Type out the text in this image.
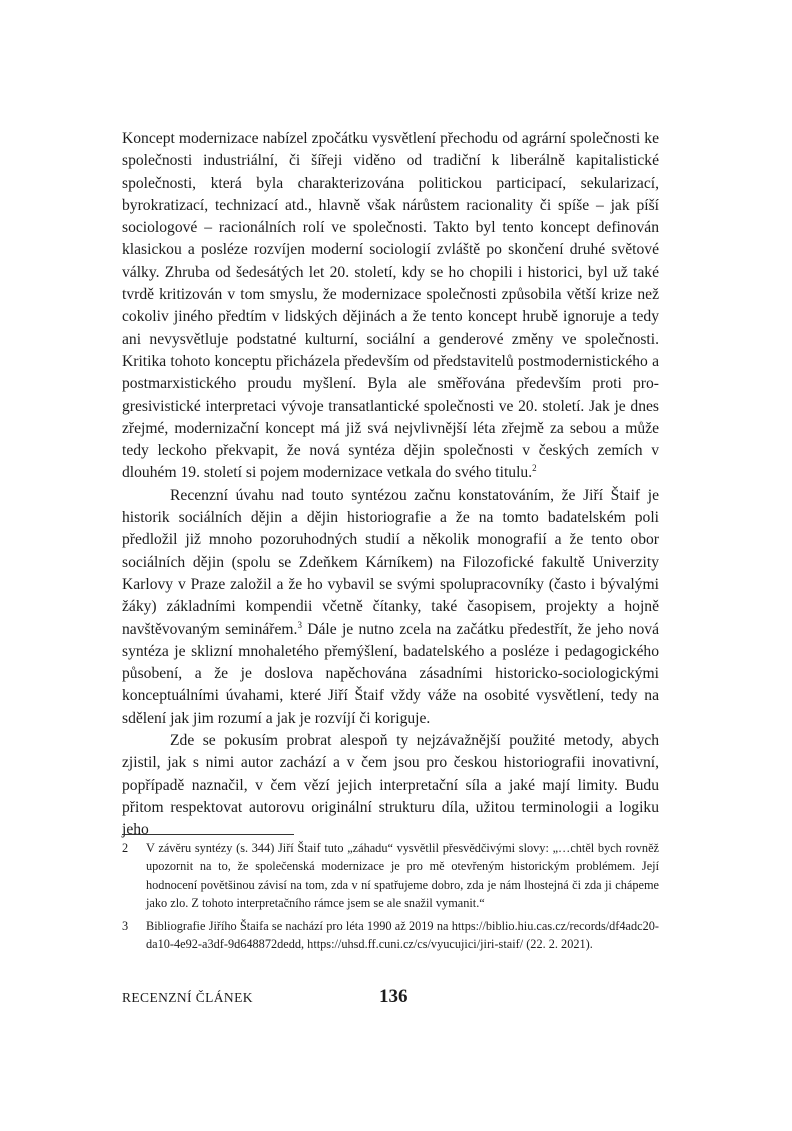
Koncept modernizace nabízel zpočátku vysvětlení přechodu od agrární společnosti ke společnosti industriální, či šířeji viděno od tradiční k liberálně kapitalistické společnosti, která byla charakterizována politickou participací, sekularizací, byrokratizací, technizací atd., hlavně však nárůstem racionality či spíše – jak píší sociologové – racionálních rolí ve společnosti. Takto byl tento koncept definován klasickou a posléze rozvíjen moderní sociologií zvláště po skončení druhé světové války. Zhruba od šedesátých let 20. století, kdy se ho chopili i historici, byl už také tvrdě kritizován v tom smyslu, že modernizace společnosti způsobila větší krize než cokoliv jiného předtím v lidských dějinách a že tento koncept hrubě ignoruje a tedy ani nevysvětluje podstatné kulturní, sociální a genderové změny ve společnosti. Kritika tohoto konceptu přicházela především od představitelů postmodernistického a postmarxistického proudu myšlení. Byla ale směřována především proti progresivistické interpretaci vývoje transatlantické společnosti ve 20. století. Jak je dnes zřejmé, modernizační koncept má již svá nejvlivnější léta zřejmě za sebou a může tedy leckoho překvapit, že nová syntéza dějin společnosti v českých zemích v dlouhém 19. století si pojem modernizace vetkala do svého titulu.$^2$

Recenzní úvahu nad touto syntézou začnu konstatováním, že Jiří Štaif je historik sociálních dějin a dějin historiografie a že na tomto badatelském poli předložil již mnoho pozoruhodných studií a několik monografií a že tento obor sociálních dějin (spolu se Zdeňkem Kárníkem) na Filozofické fakultě Univerzity Karlovy v Praze založil a že ho vybavil se svými spolupracovníky (často i bývalými žáky) základními kompendii včetně čítanky, také časopisem, projekty a hojně navštěvovaným seminářem.$^3$ Dále je nutno zcela na začátku předestřít, že jeho nová syntéza je sklizní mnohaletého přemýšlení, badatelského a posléze i pedagogického působení, a že je doslova napěchována zásadními historicko-sociologickými konceptuálními úvahami, které Jiří Štaif vždy váže na osobité vysvětlení, tedy na sdělení jak jim rozumí a jak je rozvíjí či koriguje.

Zde se pokusím probrat alespoň ty nejzávažnější použité metody, abych zjistil, jak s nimi autor zachází a v čem jsou pro českou historiografii inovativní, popřípadě naznačil, v čem vězí jejich interpretační síla a jaké mají limity. Budu přitom respektovat autorovu originální strukturu díla, užitou terminologii a logiku jeho

2 V závěru syntézy (s. 344) Jiří Štaif tuto „záhadu“ vysvětlil přesvědčivými slovy: „…chtěl bych rovněž upozornit na to, že společenská modernizace je pro mě otevřeným historickým problémem. Její hodnocení povětšinou závisí na tom, zda v ní spatřujeme dobro, zda je nám lhostejná či zda ji chápeme jako zlo. Z tohoto interpretačního rámce jsem se ale snažil vymanit.“
3 Bibliografie Jiřího Štaifa se nachází pro léta 1990 až 2019 na https://biblio.hiu.cas.cz/records/df4adc20-da10-4e92-a3df-9d648872dedd, https://uhsd.ff.cuni.cz/cs/vyucujici/jiri-staif/ (22. 2. 2021).
RECENZNÍ ČLÁNEK	136
